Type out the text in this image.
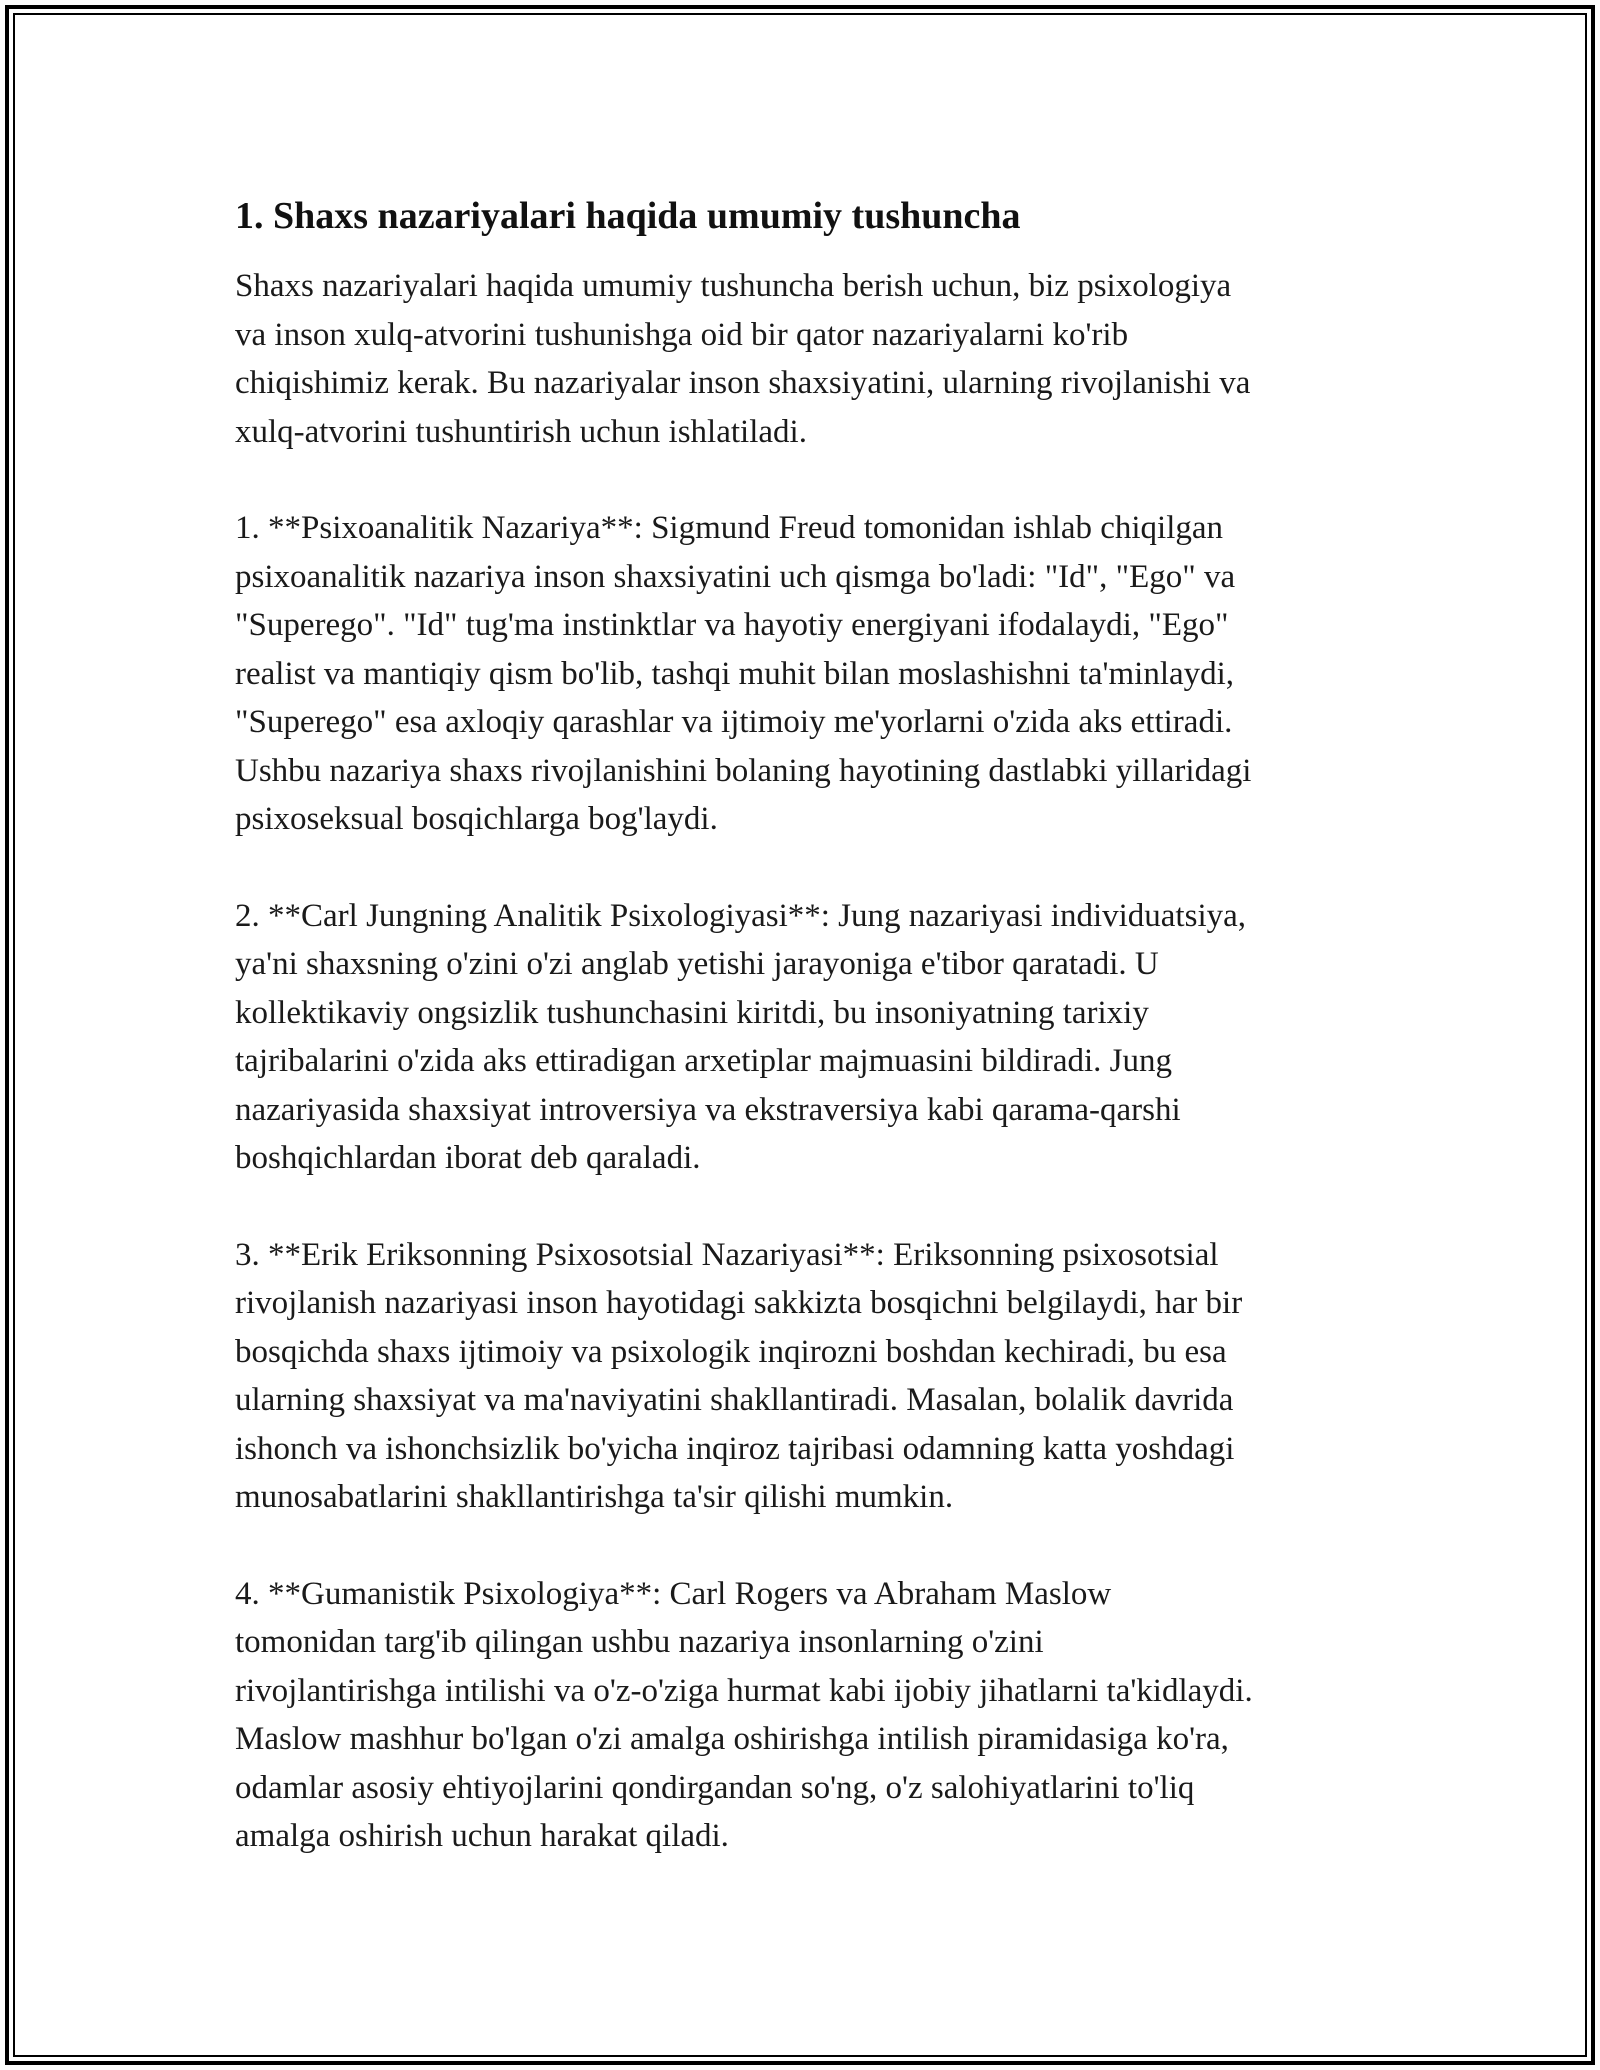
1. Shaxs nazariyalari haqida umumiy tushuncha

Shaxs nazariyalari haqida umumiy tushuncha berish uchun, biz psixologiya
va inson xulq-atvorini tushunishga oid bir qator nazariyalarni ko'rib
chiqishimiz kerak. Bu nazariyalar inson shaxsiyatini, ularning rivojlanishi va
xulq-atvorini tushuntirish uchun ishlatiladi.

1. **Psixoanalitik Nazariya**: Sigmund Freud tomonidan ishlab chiqilgan
psixoanalitik nazariya inson shaxsiyatini uch qismga bo'ladi: "Id", "Ego" va
"Superego". "Id" tug'ma instinktlar va hayotiy energiyani ifodalaydi, "Ego"
realist va mantiqiy qism bo'lib, tashqi muhit bilan moslashishni ta'minlaydi,
"Superego" esa axloqiy qarashlar va ijtimoiy me'yorlarni o'zida aks ettiradi.
Ushbu nazariya shaxs rivojlanishini bolaning hayotining dastlabki yillaridagi
psixoseksual bosqichlarga bog'laydi.

2. **Carl Jungning Analitik Psixologiyasi**: Jung nazariyasi individuatsiya,
ya'ni shaxsning o'zini o'zi anglab yetishi jarayoniga e'tibor qaratadi. U
kollektikaviy ongsizlik tushunchasini kiritdi, bu insoniyatning tarixiy
tajribalarini o'zida aks ettiradigan arxetiplar majmuasini bildiradi. Jung
nazariyasida shaxsiyat introversiya va ekstraversiya kabi qarama-qarshi
boshqichlardan iborat deb qaraladi.

3. **Erik Eriksonning Psixosotsial Nazariyasi**: Eriksonning psixosotsial
rivojlanish nazariyasi inson hayotidagi sakkizta bosqichni belgilaydi, har bir
bosqichda shaxs ijtimoiy va psixologik inqirozni boshdan kechiradi, bu esa
ularning shaxsiyat va ma'naviyatini shakllantiradi. Masalan, bolalik davrida
ishonch va ishonchsizlik bo'yicha inqiroz tajribasi odamning katta yoshdagi
munosabatlarini shakllantirishga ta'sir qilishi mumkin.

4. **Gumanistik Psixologiya**: Carl Rogers va Abraham Maslow
tomonidan targ'ib qilingan ushbu nazariya insonlarning o'zini
rivojlantirishga intilishi va o'z-o'ziga hurmat kabi ijobiy jihatlarni ta'kidlaydi.
Maslow mashhur bo'lgan o'zi amalga oshirishga intilish piramidasiga ko'ra,
odamlar asosiy ehtiyojlarini qondirgandan so'ng, o'z salohiyatlarini to'liq
amalga oshirish uchun harakat qiladi.
